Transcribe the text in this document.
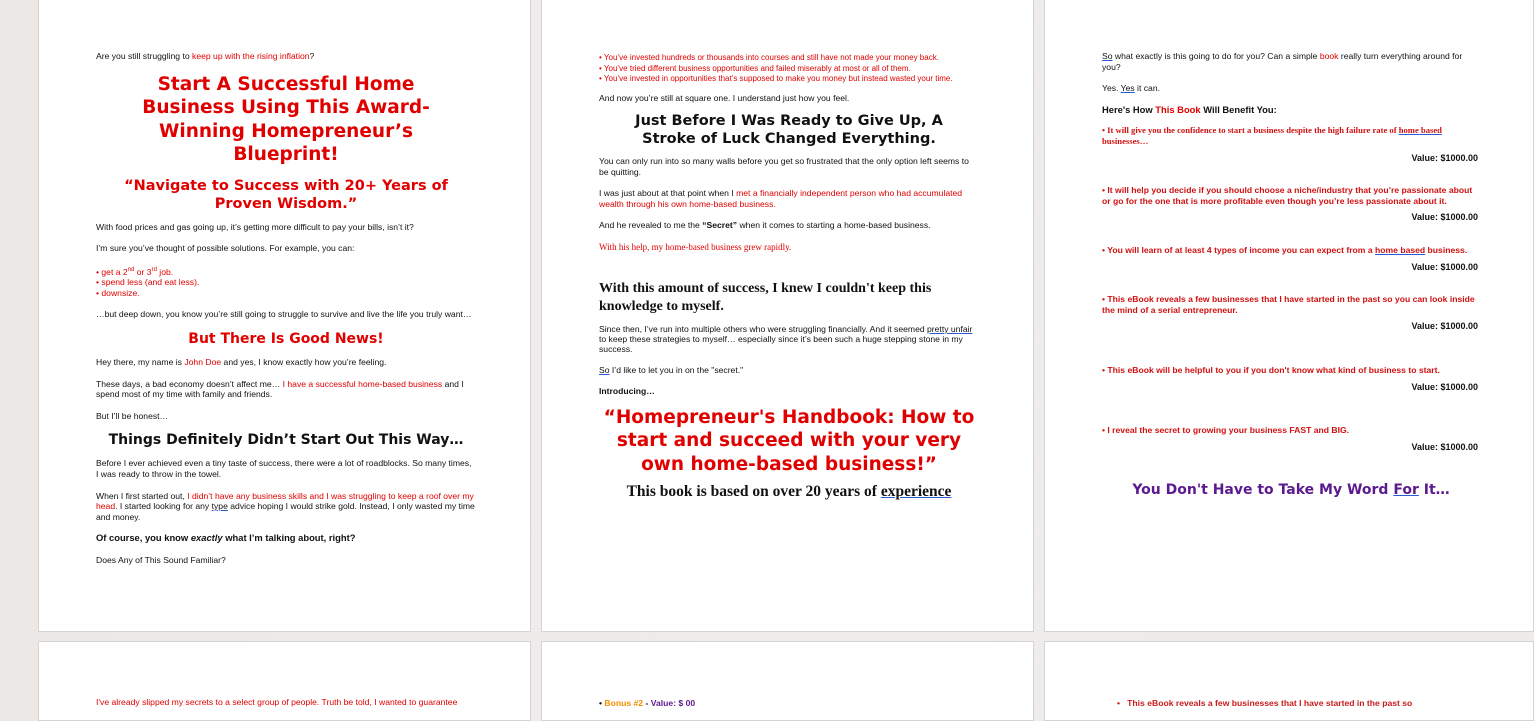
Are you still struggling to keep up with the rising inflation?

Start A Successful Home Business Using This Award-Winning Homepreneur’s Blueprint!
“Navigate to Success with 20+ Years of Proven Wisdom.”

With food prices and gas going up, it’s getting more difficult to pay your bills, isn’t it?

I’m sure you’ve thought of possible solutions. For example, you can:

• get a 2nd or 3rd job.
• spend less (and eat less).
• downsize.

…but deep down, you know you’re still going to struggle to survive and live the life you truly want…

But There Is Good News!

Hey there, my name is John Doe and yes, I know exactly how you’re feeling.

These days, a bad economy doesn’t affect me… I have a successful home-based business and I spend most of my time with family and friends.

But I’ll be honest…

Things Definitely Didn’t Start Out This Way…

Before I ever achieved even a tiny taste of success, there were a lot of roadblocks. So many times, I was ready to throw in the towel.

When I first started out, I didn’t have any business skills and I was struggling to keep a roof over my head. I started looking for any type advice hoping I would strike gold. Instead, I only wasted my time and money.

Of course, you know exactly what I’m talking about, right?

Does Any of This Sound Familiar?

• You’ve invested hundreds or thousands into courses and still have not made your money back.
• You’ve tried different business opportunities and failed miserably at most or all of them.
• You’ve invested in opportunities that’s supposed to make you money but instead wasted your time.

And now you’re still at square one. I understand just how you feel.

Just Before I Was Ready to Give Up, A Stroke of Luck Changed Everything.

You can only run into so many walls before you get so frustrated that the only option left seems to be quitting.

I was just about at that point when I met a financially independent person who had accumulated wealth through his own home-based business.

And he revealed to me the “Secret” when it comes to starting a home-based business.

With his help, my home-based business grew rapidly.

With this amount of success, I knew I couldn't keep this knowledge to myself.

Since then, I’ve run into multiple others who were struggling financially. And it seemed pretty unfair to keep these strategies to myself… especially since it’s been such a huge stepping stone in my success.

So I’d like to let you in on the "secret."

Introducing…

“Homepreneur's Handbook: How to start and succeed with your very own home-based business!”
This book is based on over 20 years of experience

So what exactly is this going to do for you? Can a simple book really turn everything around for you?

Yes. Yes it can.

Here's How This Book Will Benefit You:

• It will give you the confidence to start a business despite the high failure rate of home based businesses…
Value: $1000.00
• It will help you decide if you should choose a niche/industry that you’re passionate about or go for the one that is more profitable even though you’re less passionate about it.
Value: $1000.00
• You will learn of at least 4 types of income you can expect from a home based business.
Value: $1000.00
• This eBook reveals a few businesses that I have started in the past so you can look inside the mind of a serial entrepreneur.
Value: $1000.00
• This eBook will be helpful to you if you don't know what kind of business to start.
Value: $1000.00
• I reveal the secret to growing your business FAST and BIG.
Value: $1000.00
You Don't Have to Take My Word For It…
I've already slipped my secrets to a select group of people. Truth be told, I wanted to guarantee	• Bonus #2 - Value: $ 00	•   This eBook reveals a few businesses that I have started in the past so
